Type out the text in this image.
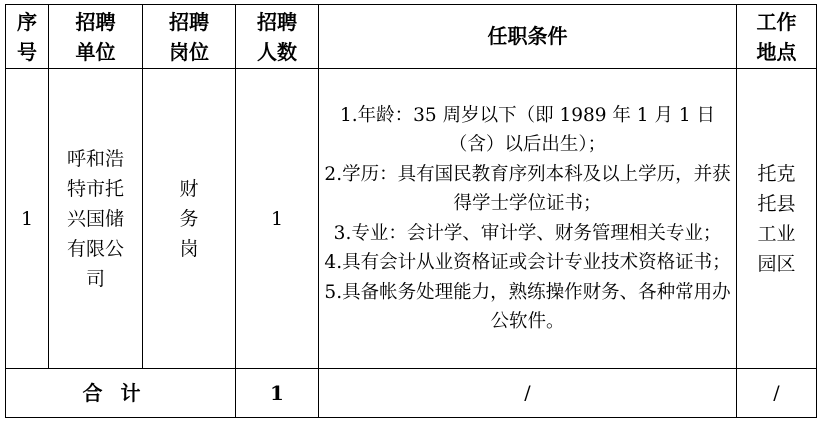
序号	招聘单位	招聘岗位	招聘人数	任职条件	工作地点
1	呼和浩特市托兴国储有限公司	财务岗	1	1.年龄：35 周岁以下（即 1989 年 1 月 1 日（含）以后出生）；
2.学历：具有国民教育序列本科及以上学历，并获得学士学位证书；
3.专业：会计学、审计学、财务管理相关专业；
4.具有会计从业资格证或会计专业技术资格证书；
5.具备帐务处理能力，熟练操作财务、各种常用办公软件。	托克托县工业园区
合计			1	/	/
